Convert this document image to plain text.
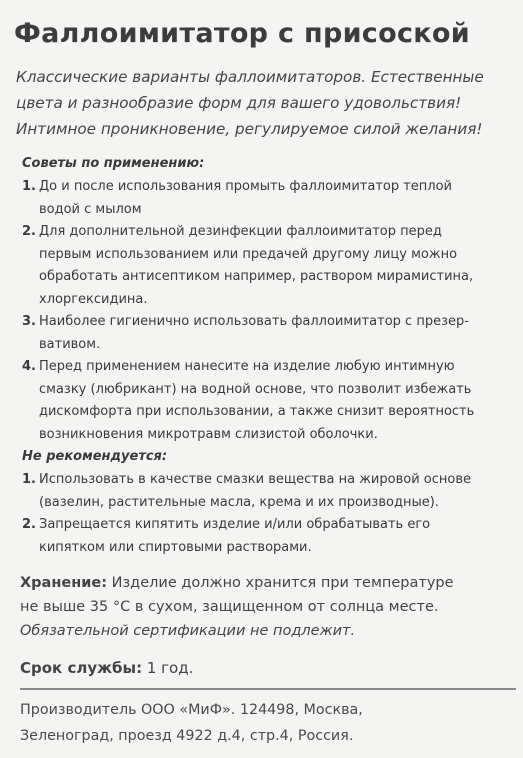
Фаллоимитатор с присоской
Классические варианты фаллоимитаторов. Естественные
цвета и разнообразие форм для вашего удовольствия!
Интимное проникновение, регулируемое силой желания!
Советы по применению:
1. До и после использования промыть фаллоимитатор теплой
водой с мылом
2. Для дополнительной дезинфекции фаллоимитатор перед
первым использованием или предачей другому лицу можно
обработать антисептиком например, раствором мирамистина,
хлоргексидина.
3. Наиболее гигиенично использовать фаллоимитатор с презер-
вативом.
4. Перед применением нанесите на изделие любую интимную
смазку (любрикант) на водной основе, что позволит избежать
дискомфорта при использовании, а также снизит вероятность
возникновения микротравм слизистой оболочки.
Не рекомендуется:
1. Использовать в качестве смазки вещества на жировой основе
(вазелин, растительные масла, крема и их производные).
2. Запрещается кипятить изделие и/или обрабатывать его
кипятком или спиртовыми растворами.
Хранение: Изделие должно хранится при температуре
не выше 35 °С в сухом, защищенном от солнца месте.
Обязательной сертификации не подлежит.
Срок службы: 1 год.
Производитель ООО «МиФ». 124498, Москва,
Зеленоград, проезд 4922 д.4, стр.4, Россия.
